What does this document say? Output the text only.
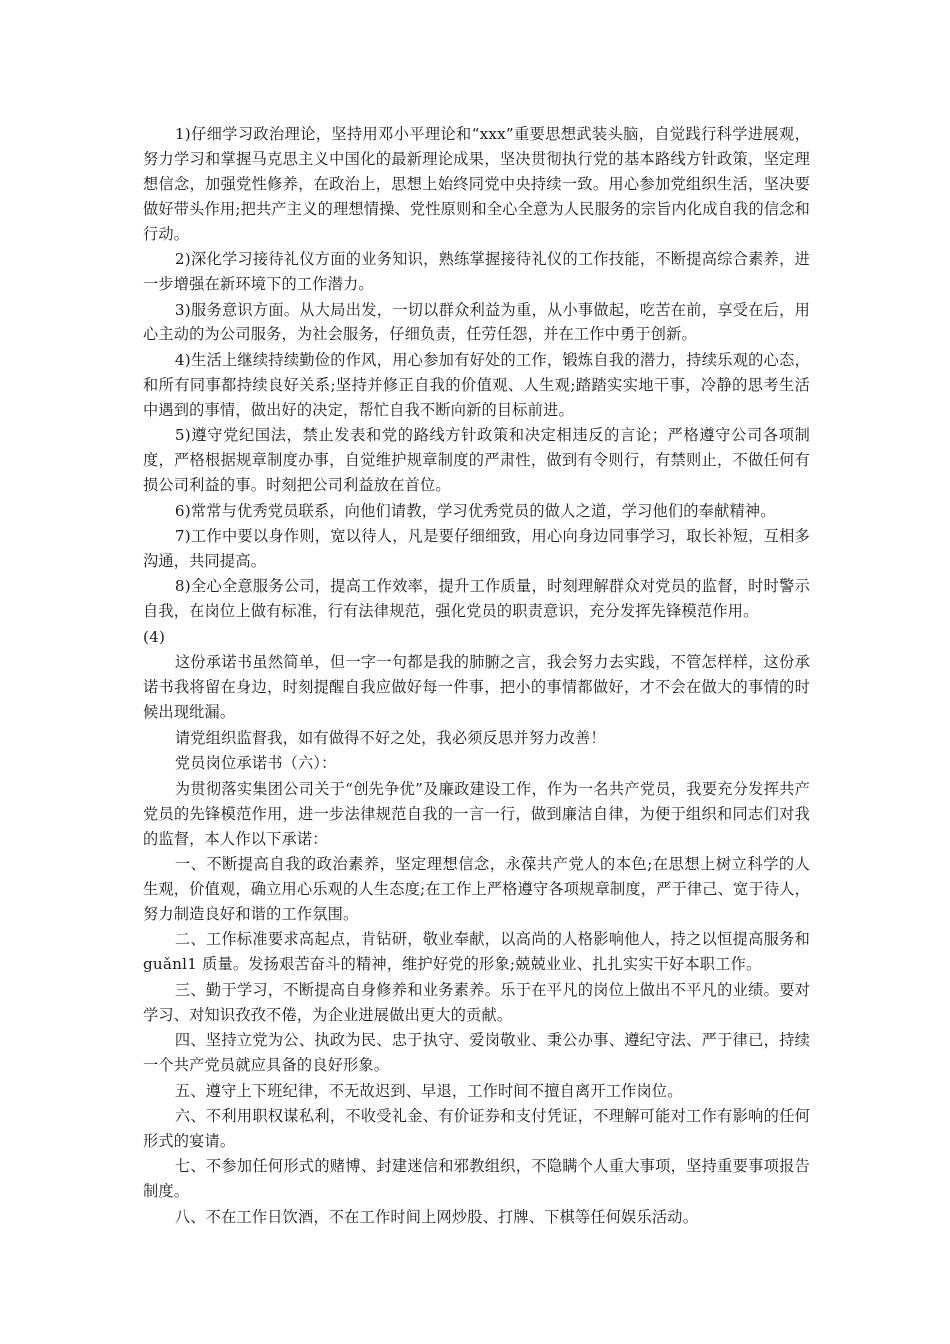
1)仔细学习政治理论，坚持用邓小平理论和“xxx”重要思想武装头脑，自觉践行科学进展观，努力学习和掌握马克思主义中国化的最新理论成果，坚决贯彻执行党的基本路线方针政策，坚定理想信念，加强党性修养，在政治上，思想上始终同党中央持续一致。用心参加党组织生活，坚决要做好带头作用;把共产主义的理想情操、党性原则和全心全意为人民服务的宗旨内化成自我的信念和行动。

2)深化学习接待礼仪方面的业务知识，熟练掌握接待礼仪的工作技能，不断提高综合素养，进一步增强在新环境下的工作潜力。

3)服务意识方面。从大局出发，一切以群众利益为重，从小事做起，吃苦在前，享受在后，用心主动的为公司服务，为社会服务，仔细负责，任劳任怨，并在工作中勇于创新。

4)生活上继续持续勤俭的作风，用心参加有好处的工作，锻炼自我的潜力，持续乐观的心态，和所有同事都持续良好关系;坚持并修正自我的价值观、人生观;踏踏实实地干事，冷静的思考生活中遇到的事情，做出好的决定，帮忙自我不断向新的目标前进。

5)遵守党纪国法，禁止发表和党的路线方针政策和决定相违反的言论；严格遵守公司各项制度，严格根据规章制度办事，自觉维护规章制度的严肃性，做到有令则行，有禁则止，不做任何有损公司利益的事。时刻把公司利益放在首位。

6)常常与优秀党员联系，向他们请教，学习优秀党员的做人之道，学习他们的奉献精神。

7)工作中要以身作则，宽以待人，凡是要仔细细致，用心向身边同事学习，取长补短，互相多沟通，共同提高。

8)全心全意服务公司，提高工作效率，提升工作质量，时刻理解群众对党员的监督，时时警示自我，在岗位上做有标准，行有法律规范，强化党员的职责意识，充分发挥先锋模范作用。

(4)

这份承诺书虽然简单，但一字一句都是我的肺腑之言，我会努力去实践，不管怎样样，这份承诺书我将留在身边，时刻提醒自我应做好每一件事，把小的事情都做好，才不会在做大的事情的时候出现纰漏。

请党组织监督我，如有做得不好之处，我必须反思并努力改善！

党员岗位承诺书（六）：

为贯彻落实集团公司关于“创先争优”及廉政建设工作，作为一名共产党员，我要充分发挥共产党员的先锋模范作用，进一步法律规范自我的一言一行，做到廉洁自律，为便于组织和同志们对我的监督，本人作以下承诺：

一、不断提高自我的政治素养，坚定理想信念，永葆共产党人的本色;在思想上树立科学的人生观，价值观，确立用心乐观的人生态度;在工作上严格遵守各项规章制度，严于律己、宽于待人，努力制造良好和谐的工作氛围。

二、工作标准要求高起点，肯钻研，敬业奉献，以高尚的人格影响他人，持之以恒提高服务和 guǎnl1 质量。发扬艰苦奋斗的精神，维护好党的形象;兢兢业业、扎扎实实干好本职工作。

三、勤于学习，不断提高自身修养和业务素养。乐于在平凡的岗位上做出不平凡的业绩。要对学习、对知识孜孜不倦，为企业进展做出更大的贡献。

四、坚持立党为公、执政为民、忠于执守、爱岗敬业、秉公办事、遵纪守法、严于律已，持续一个共产党员就应具备的良好形象。

五、遵守上下班纪律，不无故迟到、早退，工作时间不擅自离开工作岗位。

六、不利用职权谋私利，不收受礼金、有价证券和支付凭证，不理解可能对工作有影响的任何形式的宴请。

七、不参加任何形式的赌博、封建迷信和邪教组织，不隐瞒个人重大事项，坚持重要事项报告制度。

八、不在工作日饮酒，不在工作时间上网炒股、打牌、下棋等任何娱乐活动。
